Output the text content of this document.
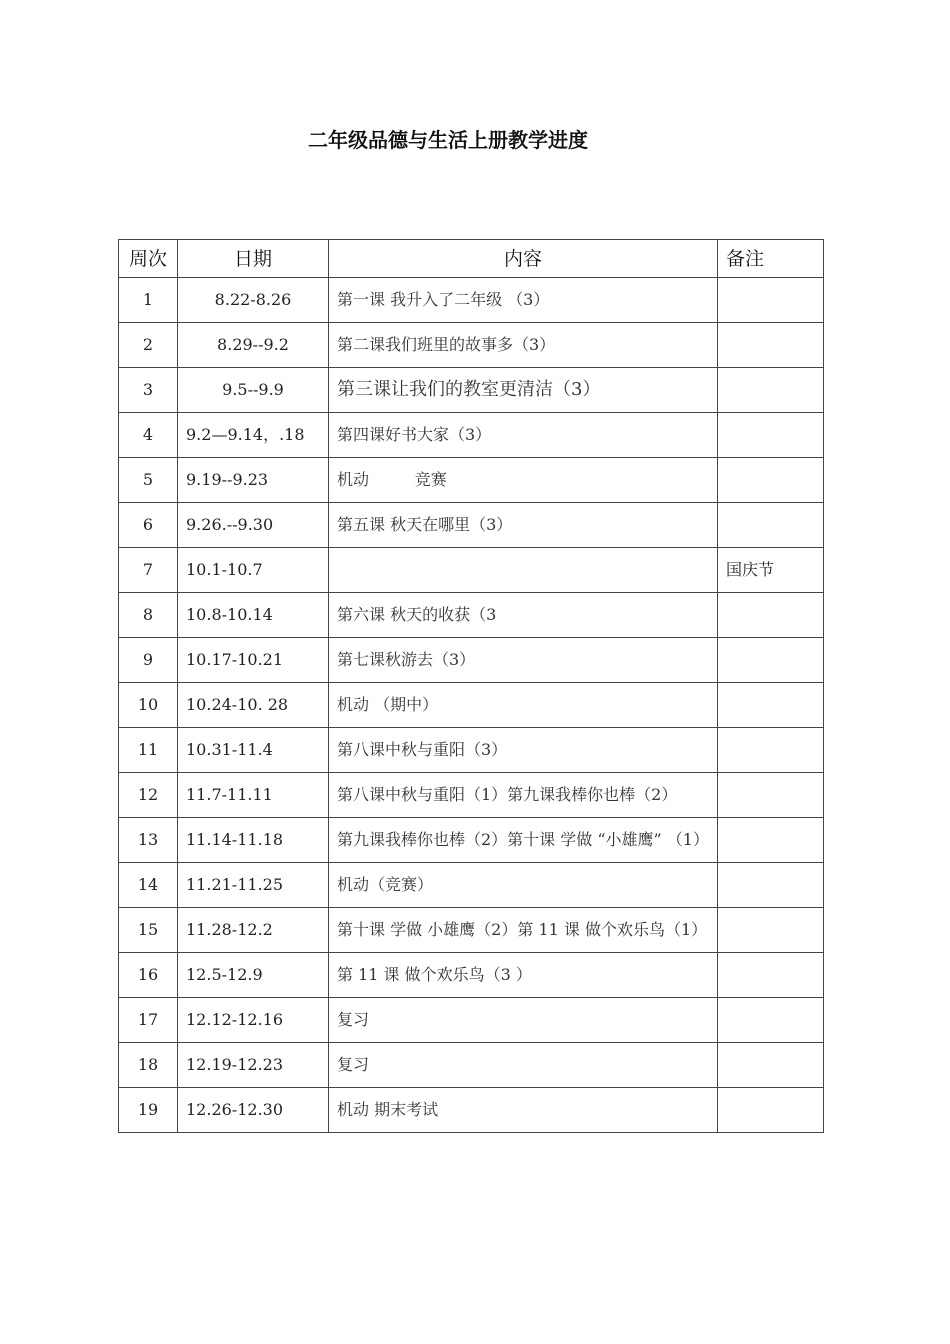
二年级品德与生活上册教学进度
周次	日期	内容	备注
1	8.22-8.26	第一课 我升入了二年级 （3）	
2	8.29--9.2	第二课我们班里的故事多（3）	
3	9.5--9.9	第三课让我们的教室更清洁（3）	
4	9.2—9.14，.18	第四课好书大家（3）	
5	9.19--9.23	机动         竞赛	
6	9.26.--9.30	第五课 秋天在哪里（3）	
7	10.1-10.7		国庆节
8	10.8-10.14	第六课 秋天的收获（3	
9	10.17-10.21	第七课秋游去（3）	
10	10.24-10. 28	机动 （期中）	
11	10.31-11.4	第八课中秋与重阳（3）	
12	11.7-11.11	第八课中秋与重阳（1）第九课我棒你也棒（2）	
13	11.14-11.18	第九课我棒你也棒（2）第十课 学做 “小雄鹰” （1）	
14	11.21-11.25	机动（竞赛）	
15	11.28-12.2	第十课 学做 小雄鹰（2）第 11 课 做个欢乐鸟（1）	
16	12.5-12.9	第 11 课 做个欢乐鸟（3 ）	
17	12.12-12.16	复习	
18	12.19-12.23	复习	
19	12.26-12.30	机动 期末考试	
